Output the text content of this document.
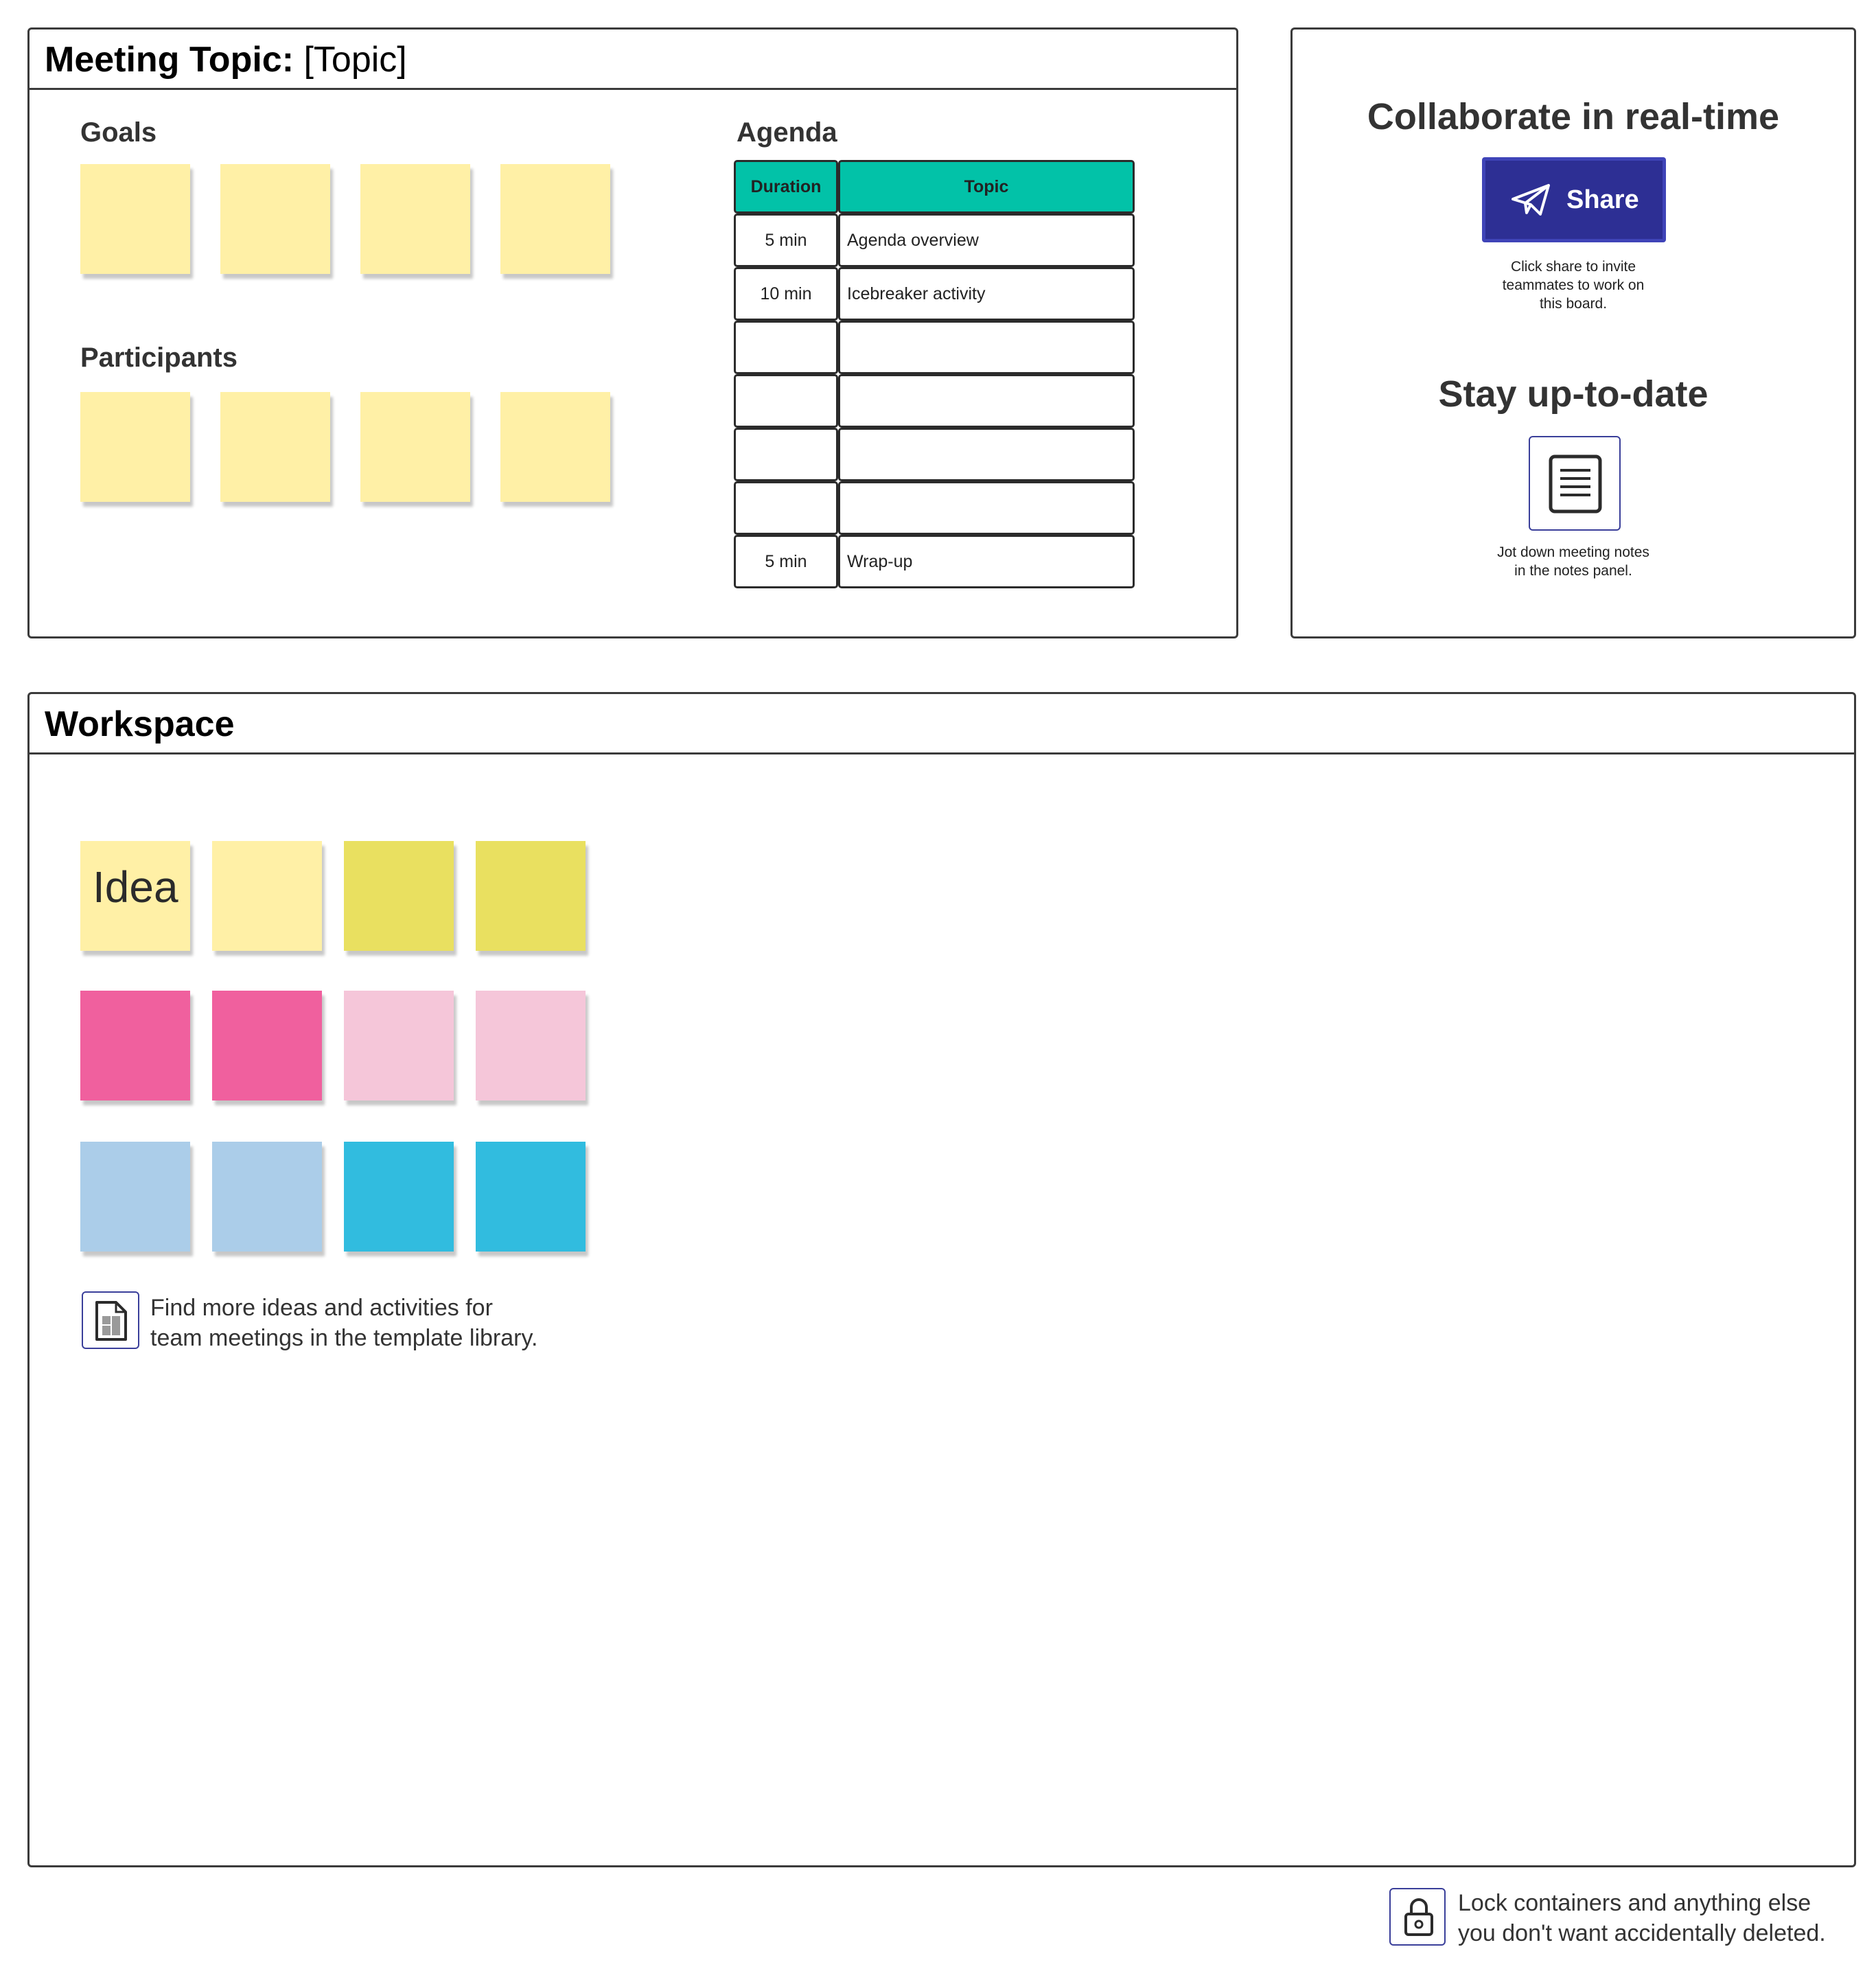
Meeting Topic: [Topic]
Goals
Participants
Agenda
Duration	Topic
5 min	Agenda overview
10 min	Icebreaker activity

5 min	Wrap-up
Collaborate in real-time
Share
Click share to invite
teammates to work on
this board.
Stay up-to-date
Jot down meeting notes
in the notes panel.
Workspace
Idea
Find more ideas and activities for
team meetings in the template library.
Lock containers and anything else
you don't want accidentally deleted.
